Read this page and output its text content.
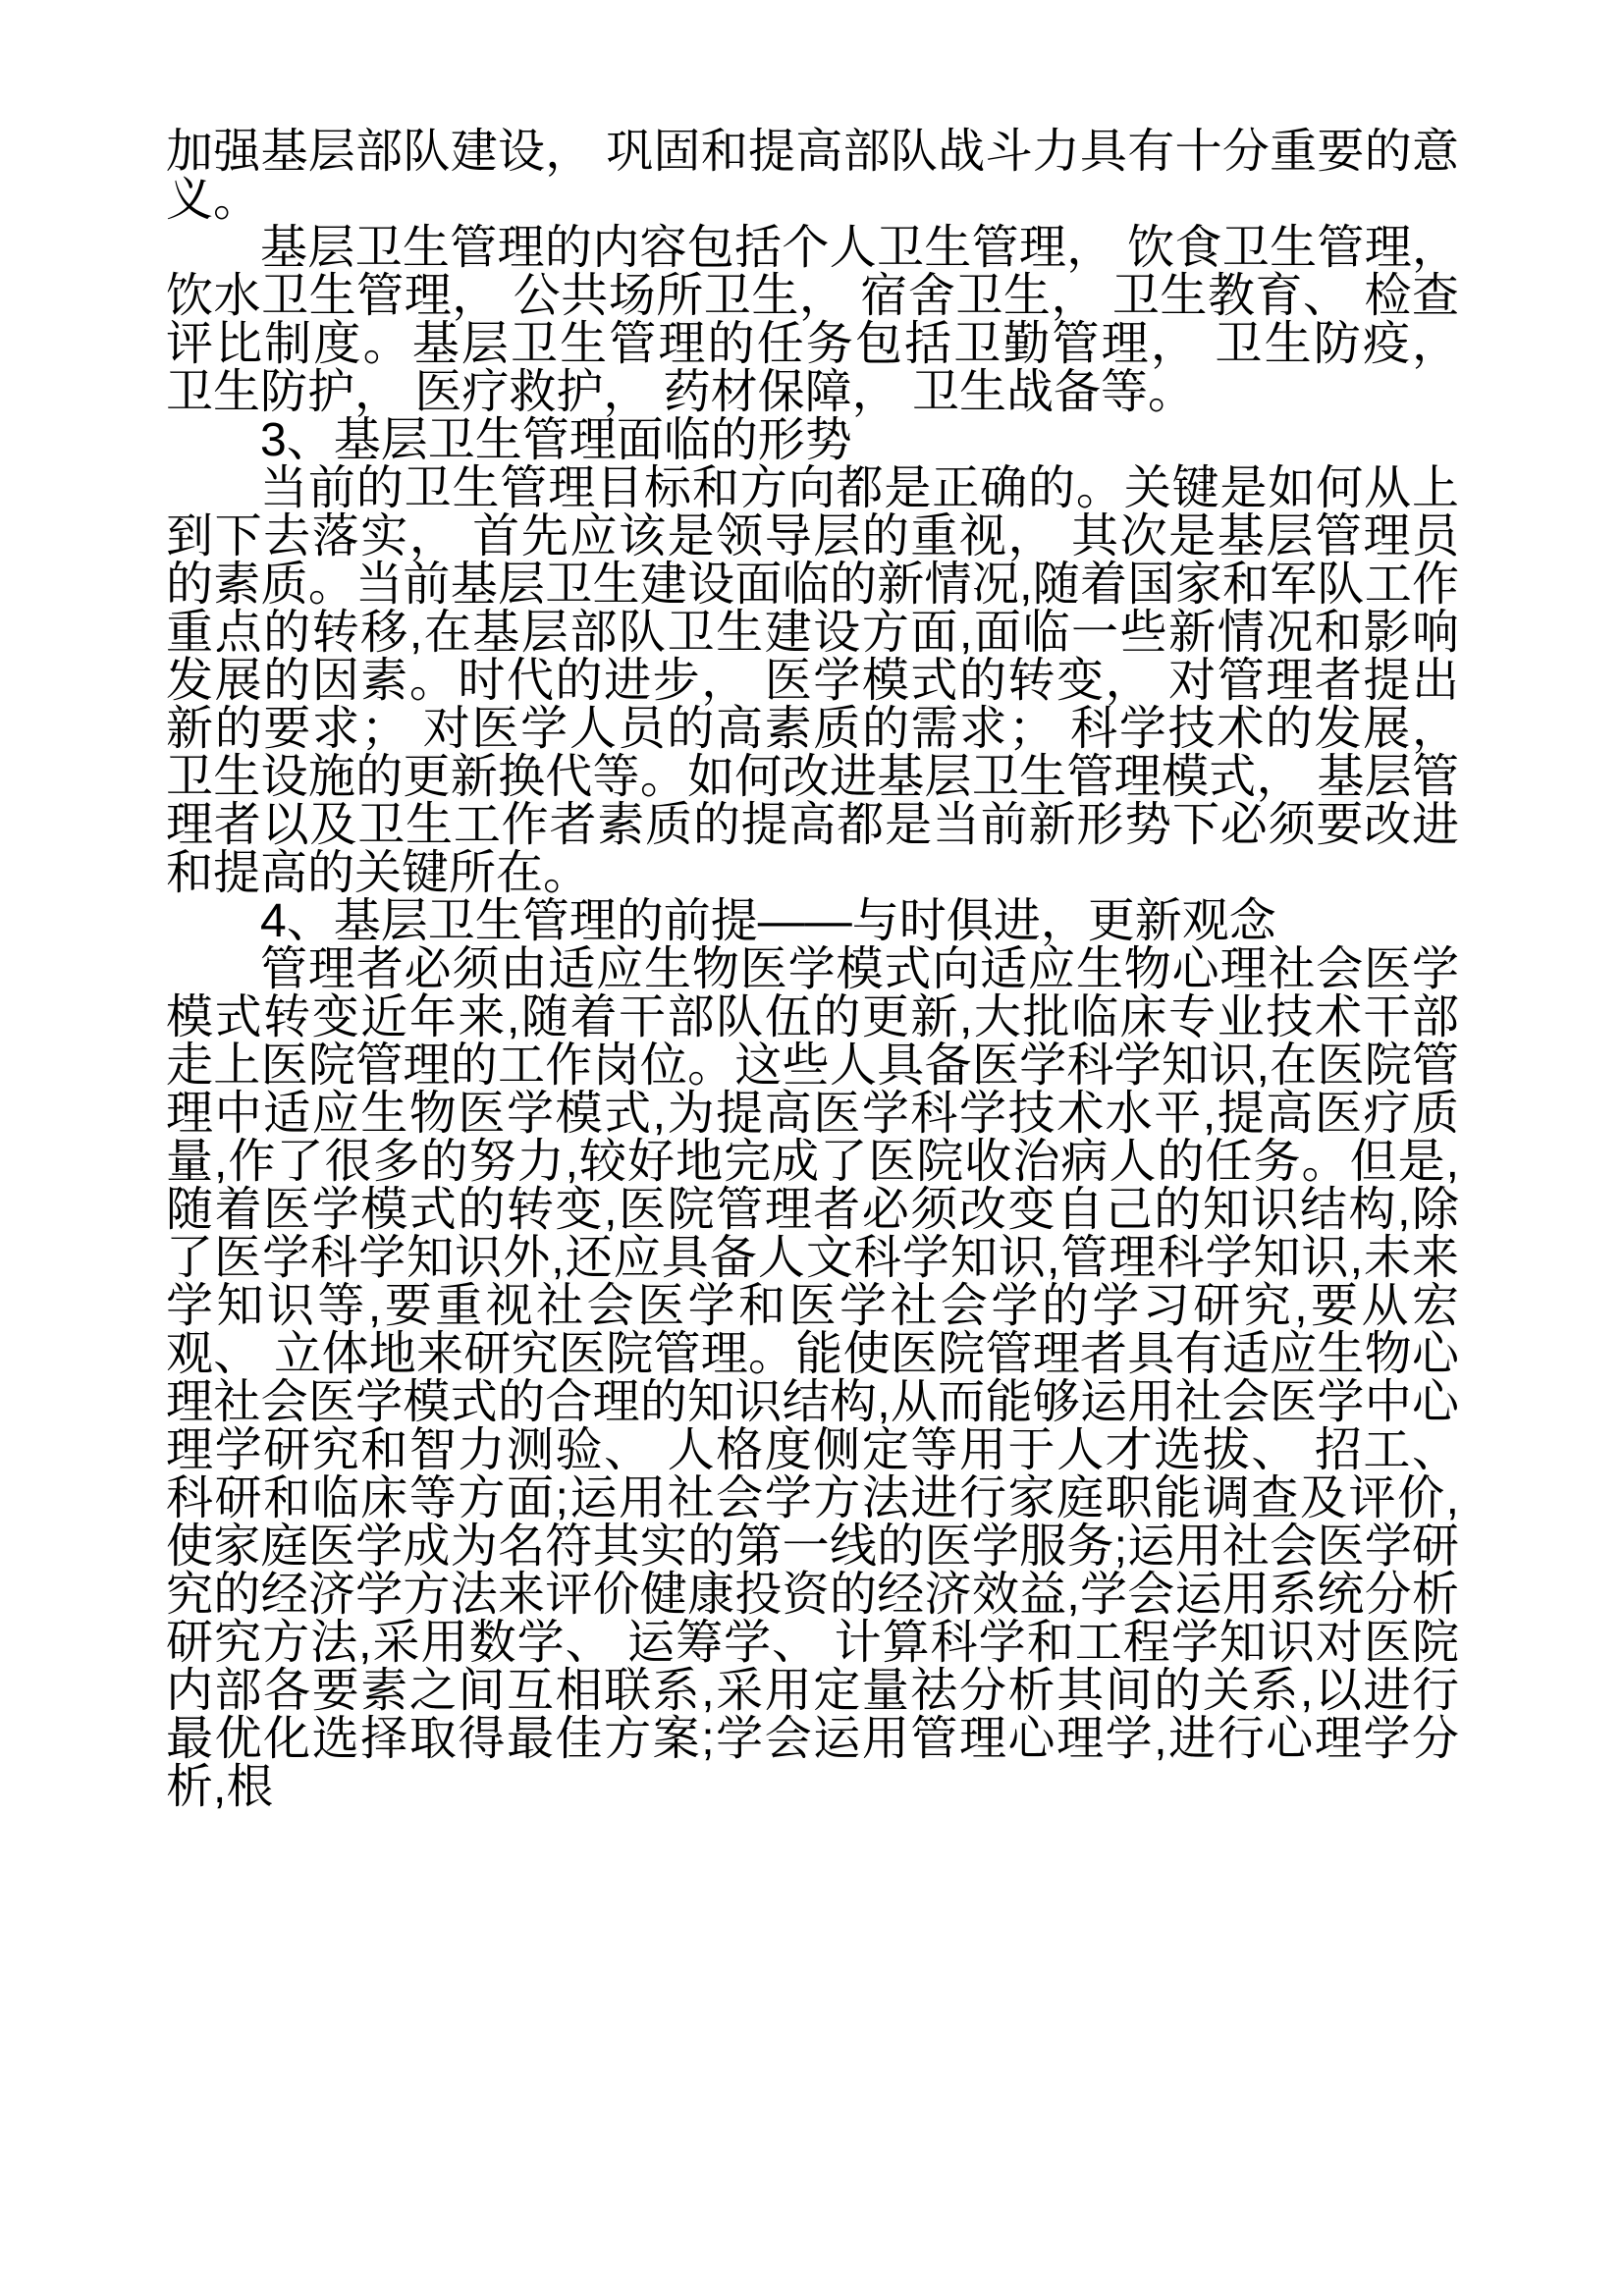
加强基层部队建设， 巩固和提高部队战斗力具有十分重要的意义。

基层卫生管理的内容包括个人卫生管理， 饮食卫生管理， 饮水卫生管理， 公共场所卫生， 宿舍卫生， 卫生教育、 检查评比制度。基层卫生管理的任务包括卫勤管理， 卫生防疫， 卫生防护， 医疗救护， 药材保障， 卫生战备等。

3、基层卫生管理面临的形势

当前的卫生管理目标和方向都是正确的。关键是如何从上到下去落实， 首先应该是领导层的重视， 其次是基层管理员的素质。当前基层卫生建设面临的新情况,随着国家和军队工作重点的转移,在基层部队卫生建设方面,面临一些新情况和影响发展的因素。时代的进步， 医学模式的转变， 对管理者提出新的要求； 对医学人员的高素质的需求； 科学技术的发展， 卫生设施的更新换代等。如何改进基层卫生管理模式， 基层管理者以及卫生工作者素质的提高都是当前新形势下必须要改进和提高的关键所在。

4、基层卫生管理的前提——与时俱进，更新观念

管理者必须由适应生物医学模式向适应生物心理社会医学模式转变近年来,随着干部队伍的更新,大批临床专业技术干部走上医院管理的工作岗位。这些人具备医学科学知识,在医院管理中适应生物医学模式,为提高医学科学技术水平,提高医疗质量,作了很多的努力,较好地完成了医院收治病人的任务。但是,随着医学模式的转变,医院管理者必须改变自己的知识结构,除了医学科学知识外,还应具备人文科学知识,管理科学知识,未来学知识等,要重视社会医学和医学社会学的学习研究,要从宏观、 立体地来研究医院管理。能使医院管理者具有适应生物心理社会医学模式的合理的知识结构,从而能够运用社会医学中心理学研究和智力测验、 人格度侧定等用于人才选拔、 招工、 科研和临床等方面;运用社会学方法进行家庭职能调查及评价,使家庭医学成为名符其实的第一线的医学服务;运用社会医学研究的经济学方法来评价健康投资的经济效益,学会运用系统分析研究方法,采用数学、 运筹学、 计算科学和工程学知识对医院内部各要素之间互相联系,采用定量祛分析其间的关系,以进行最优化选择取得最佳方案;学会运用管理心理学,进行心理学分析,根
